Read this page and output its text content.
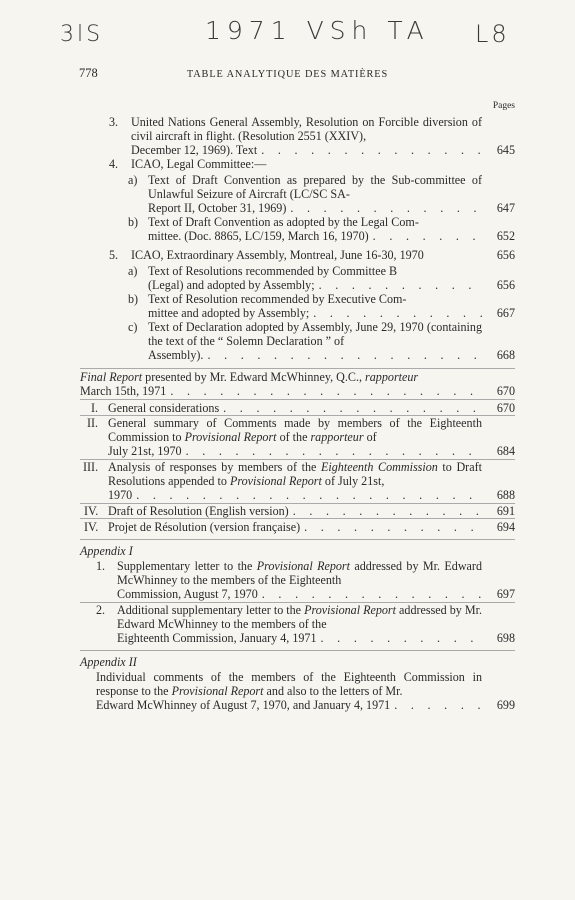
3lS	1971 VSh TA L8
778	TABLE ANALYTIQUE DES MATIÈRES
Pages
3. United Nations General Assembly, Resolution on Forcible diversion of civil aircraft in flight. (Resolution 2551 (XXIV),
December 12, 1969). Text . . .	645
4. ICAO, Legal Committee:—
a) Text of Draft Convention as prepared by the Sub-committee of Unlawful Seizure of Aircraft (LC/SC SA-
Report II, October 31, 1969) . . .	647
b) Text of Draft Convention as adopted by the Legal Com-
mittee. (Doc. 8865, LC/159, March 16, 1970) . . .	652
5. ICAO, Extraordinary Assembly, Montreal, June 16-30, 1970	656
a) Text of Resolutions recommended by Committee B
(Legal) and adopted by Assembly; . . .	656
b) Text of Resolution recommended by Executive Com-
mittee and adopted by Assembly; . . .	667
c) Text of Declaration adopted by Assembly, June 29, 1970 (containing the text of the “ Solemn Declaration ” of
Assembly). . . .	668
Final Report presented by Mr. Edward McWhinney, Q.C., rapporteur
March 15th, 1971 . . .	670
I. General considerations . . .	670
II. General summary of Comments made by members of the Eighteenth Commission to Provisional Report of the rapporteur of
July 21st, 1970 . . .	684
III. Analysis of responses by members of the Eighteenth Commission to Draft Resolutions appended to Provisional Report of July 21st,
1970 . . .	688
IV. Draft of Resolution (English version) . . .	691
IV. Projet de Résolution (version française) . . .	694
Appendix I
1. Supplementary letter to the Provisional Report addressed by Mr. Edward McWhinney to the members of the Eighteenth
Commission, August 7, 1970 . . .	697
2. Additional supplementary letter to the Provisional Report addressed by Mr. Edward McWhinney to the members of the
Eighteenth Commission, January 4, 1971 . . .	698
Appendix II
Individual comments of the members of the Eighteenth Commission in response to the Provisional Report and also to the letters of Mr.
Edward McWhinney of August 7, 1970, and January 4, 1971 . . .	699
